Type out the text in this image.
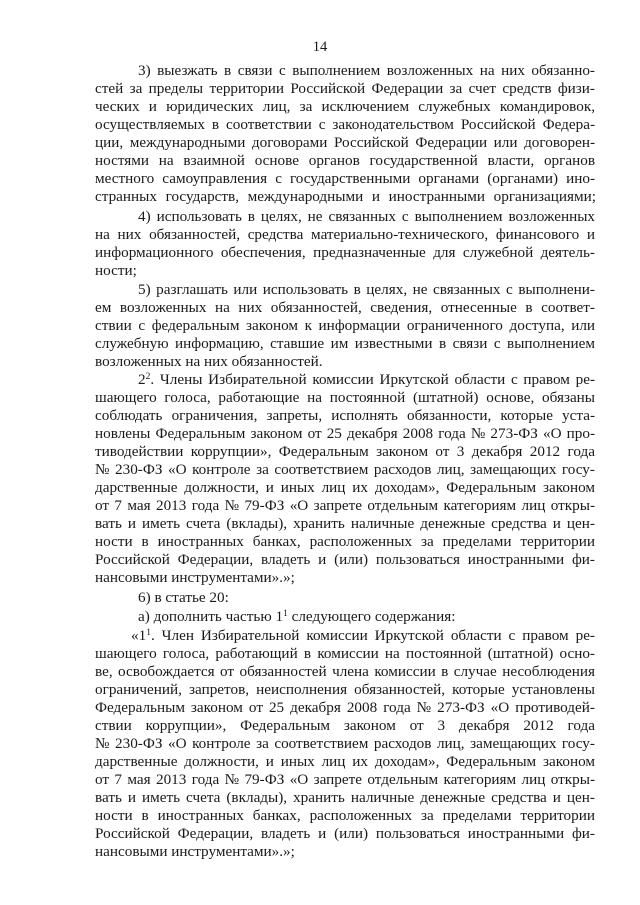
14
3) выезжать в связи с выполнением возложенных на них обязанно-
стей за пределы территории Российской Федерации за счет средств физи-
ческих и юридических лиц, за исключением служебных командировок,
осуществляемых в соответствии с законодательством Российской Федера-
ции, международными договорами Российской Федерации или договорен-
ностями на взаимной основе органов государственной власти, органов
местного самоуправления с государственными органами (органами) ино-
странных государств, международными и иностранными организациями;
4) использовать в целях, не связанных с выполнением возложенных
на них обязанностей, средства материально-технического, финансового и
информационного обеспечения, предназначенные для служебной деятель-
ности;
5) разглашать или использовать в целях, не связанных с выполнени-
ем возложенных на них обязанностей, сведения, отнесенные в соответ-
ствии с федеральным законом к информации ограниченного доступа, или
служебную информацию, ставшие им известными в связи с выполнением
возложенных на них обязанностей.
$2^2$. Члены Избирательной комиссии Иркутской области с правом ре-
шающего голоса, работающие на постоянной (штатной) основе, обязаны
соблюдать ограничения, запреты, исполнять обязанности, которые уста-
новлены Федеральным законом от 25 декабря 2008 года № 273-ФЗ «О про-
тиводействии коррупции», Федеральным законом от 3 декабря 2012 года
№ 230-ФЗ «О контроле за соответствием расходов лиц, замещающих госу-
дарственные должности, и иных лиц их доходам», Федеральным законом
от 7 мая 2013 года № 79-ФЗ «О запрете отдельным категориям лиц откры-
вать и иметь счета (вклады), хранить наличные денежные средства и цен-
ности в иностранных банках, расположенных за пределами территории
Российской Федерации, владеть и (или) пользоваться иностранными фи-
нансовыми инструментами».»;
6) в статье 20:
а) дополнить частью $1^1$ следующего содержания:
«$1^1$. Член Избирательной комиссии Иркутской области с правом ре-
шающего голоса, работающий в комиссии на постоянной (штатной) осно-
ве, освобождается от обязанностей члена комиссии в случае несоблюдения
ограничений, запретов, неисполнения обязанностей, которые установлены
Федеральным законом от 25 декабря 2008 года № 273-ФЗ «О противодей-
ствии коррупции», Федеральным законом от 3 декабря 2012 года
№ 230-ФЗ «О контроле за соответствием расходов лиц, замещающих госу-
дарственные должности, и иных лиц их доходам», Федеральным законом
от 7 мая 2013 года № 79-ФЗ «О запрете отдельным категориям лиц откры-
вать и иметь счета (вклады), хранить наличные денежные средства и цен-
ности в иностранных банках, расположенных за пределами территории
Российской Федерации, владеть и (или) пользоваться иностранными фи-
нансовыми инструментами».»;
